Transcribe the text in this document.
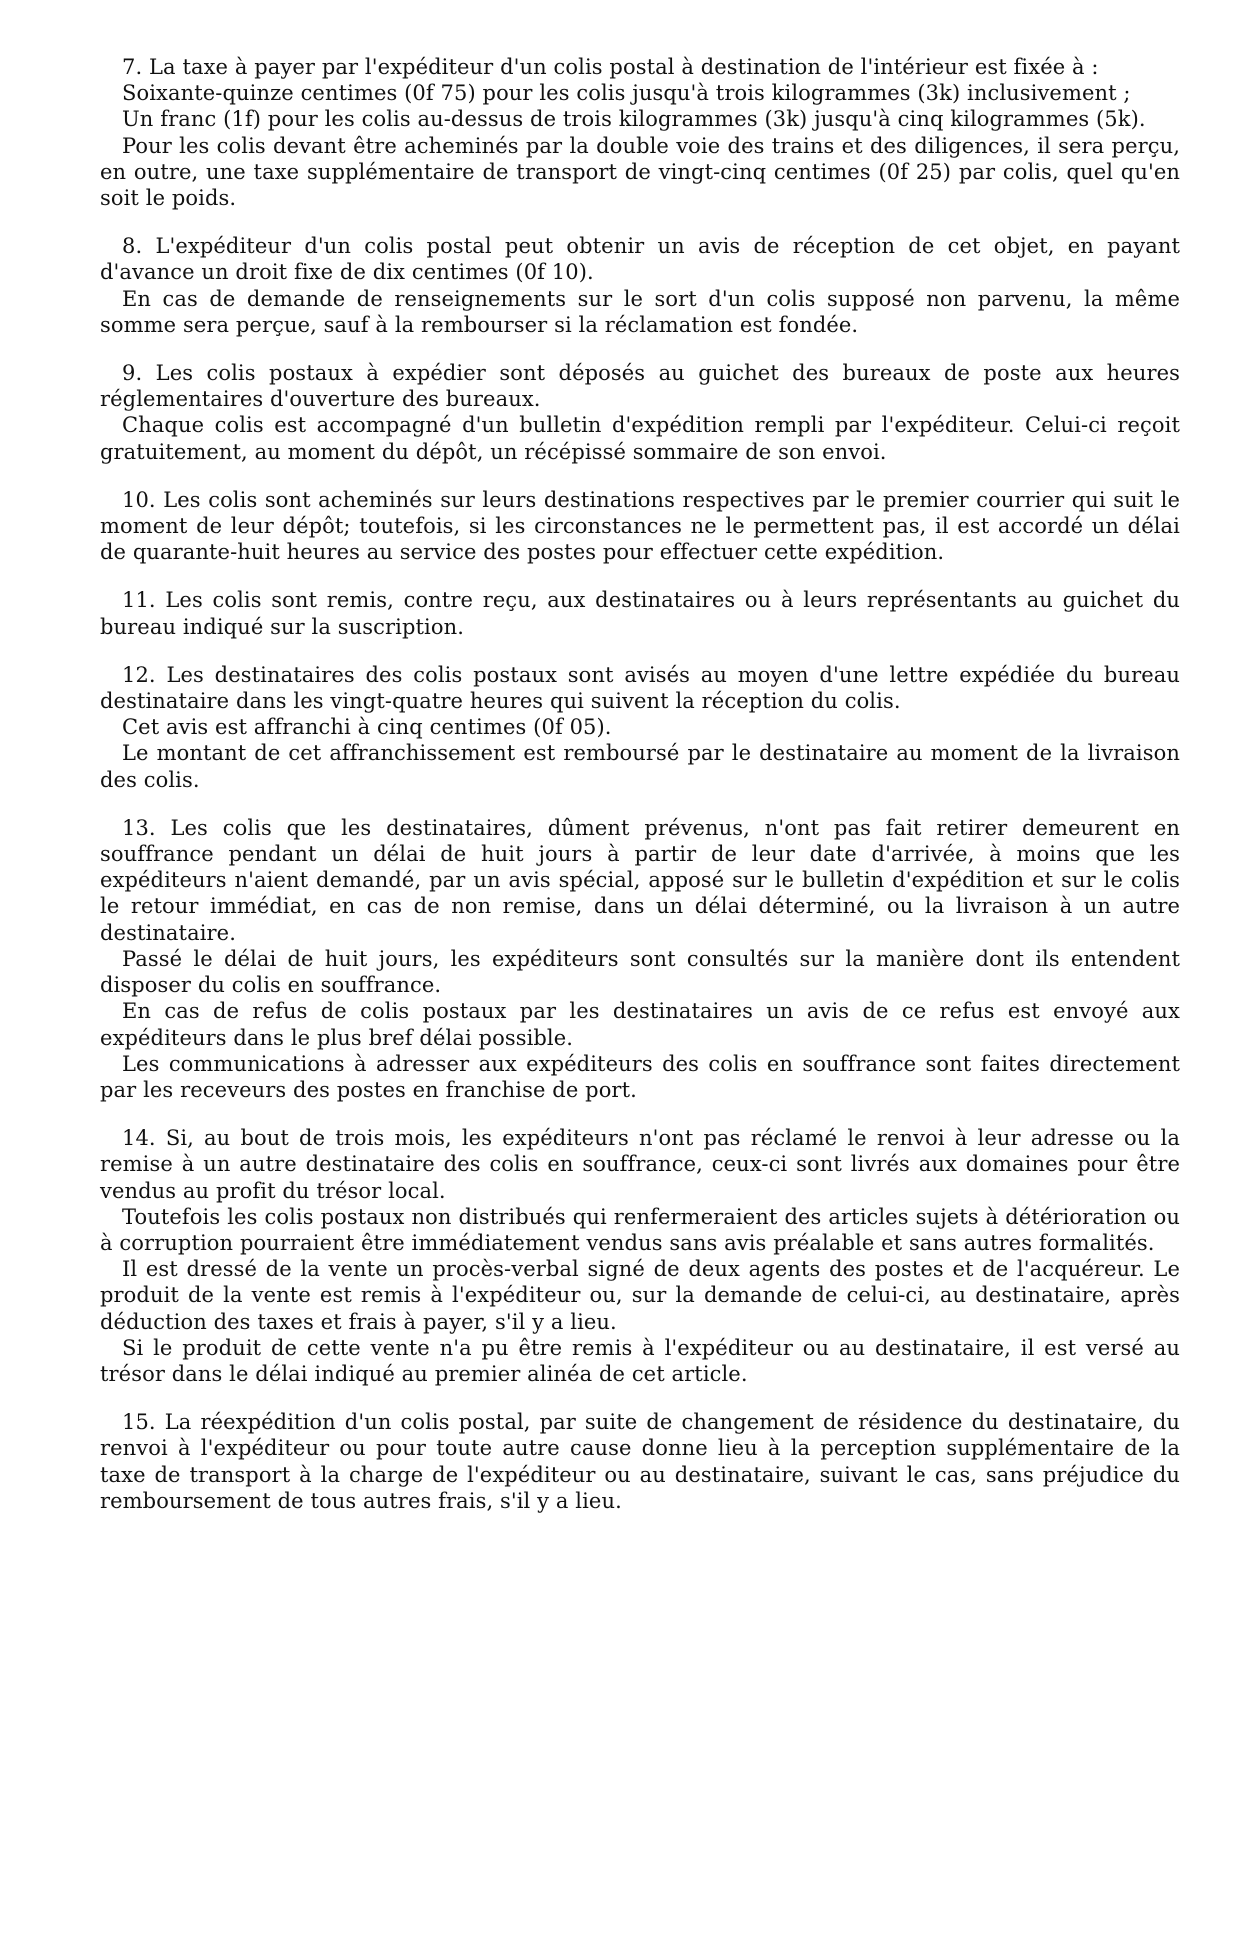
7. La taxe à payer par l'expéditeur d'un colis postal à destination de l'intérieur est fixée à :

Soixante-quinze centimes (0f 75) pour les colis jusqu'à trois kilogrammes (3k) inclusivement ;

Un franc (1f) pour les colis au-dessus de trois kilogrammes (3k) jusqu'à cinq kilogrammes (5k).

Pour les colis devant être acheminés par la double voie des trains et des diligences, il sera perçu, en outre, une taxe supplémentaire de transport de vingt-cinq centimes (0f 25) par colis, quel qu'en soit le poids.

8. L'expéditeur d'un colis postal peut obtenir un avis de réception de cet objet, en payant d'avance un droit fixe de dix centimes (0f 10).

En cas de demande de renseignements sur le sort d'un colis supposé non parvenu, la même somme sera perçue, sauf à la rembourser si la réclamation est fondée.

9. Les colis postaux à expédier sont déposés au guichet des bureaux de poste aux heures réglementaires d'ouverture des bureaux.

Chaque colis est accompagné d'un bulletin d'expédition rempli par l'expéditeur. Celui-ci reçoit gratuitement, au moment du dépôt, un récépissé sommaire de son envoi.

10. Les colis sont acheminés sur leurs destinations respectives par le premier courrier qui suit le moment de leur dépôt; toutefois, si les circonstances ne le permettent pas, il est accordé un délai de quarante-huit heures au service des postes pour effectuer cette expédition.

11. Les colis sont remis, contre reçu, aux destinataires ou à leurs représentants au guichet du bureau indiqué sur la suscription.

12. Les destinataires des colis postaux sont avisés au moyen d'une lettre expédiée du bureau destinataire dans les vingt-quatre heures qui suivent la réception du colis.

Cet avis est affranchi à cinq centimes (0f 05).

Le montant de cet affranchissement est remboursé par le destinataire au moment de la livraison des colis.

13. Les colis que les destinataires, dûment prévenus, n'ont pas fait retirer demeurent en souffrance pendant un délai de huit jours à partir de leur date d'arrivée, à moins que les expéditeurs n'aient demandé, par un avis spécial, apposé sur le bulletin d'expédition et sur le colis le retour immédiat, en cas de non remise, dans un délai déterminé, ou la livraison à un autre destinataire.

Passé le délai de huit jours, les expéditeurs sont consultés sur la manière dont ils entendent disposer du colis en souffrance.

En cas de refus de colis postaux par les destinataires un avis de ce refus est envoyé aux expéditeurs dans le plus bref délai possible.

Les communications à adresser aux expéditeurs des colis en souffrance sont faites directement par les receveurs des postes en franchise de port.

14. Si, au bout de trois mois, les expéditeurs n'ont pas réclamé le renvoi à leur adresse ou la remise à un autre destinataire des colis en souffrance, ceux-ci sont livrés aux domaines pour être vendus au profit du trésor local.

Toutefois les colis postaux non distribués qui renfermeraient des articles sujets à détérioration ou à corruption pourraient être immédiatement vendus sans avis préalable et sans autres formalités.

Il est dressé de la vente un procès-verbal signé de deux agents des postes et de l'acquéreur. Le produit de la vente est remis à l'expéditeur ou, sur la demande de celui-ci, au destinataire, après déduction des taxes et frais à payer, s'il y a lieu.

Si le produit de cette vente n'a pu être remis à l'expéditeur ou au destinataire, il est versé au trésor dans le délai indiqué au premier alinéa de cet article.

15. La réexpédition d'un colis postal, par suite de changement de résidence du destinataire, du renvoi à l'expéditeur ou pour toute autre cause donne lieu à la perception supplémentaire de la taxe de transport à la charge de l'expéditeur ou au destinataire, suivant le cas, sans préjudice du remboursement de tous autres frais, s'il y a lieu.
